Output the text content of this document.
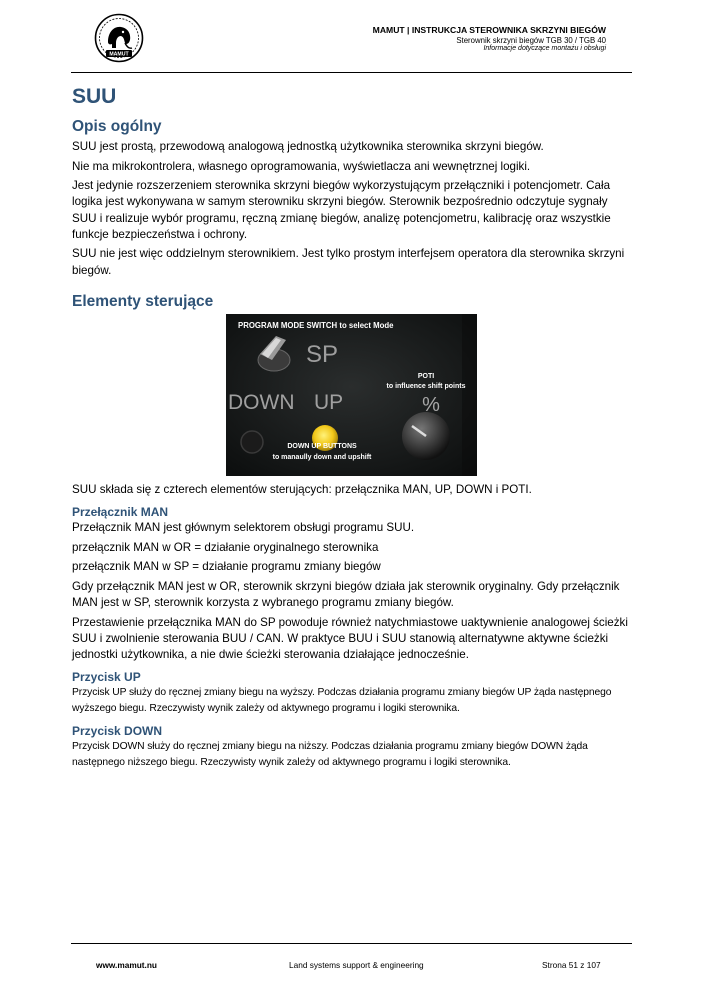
MAMUT
MAMUT | INSTRUKCJA STEROWNIKA SKRZYNI BIEGÓW
Sterownik skrzyni biegów TGB 30 / TGB 40
Informacje dotyczące montażu i obsługi
SUU
Opis ogólny

SUU jest prostą, przewodową analogową jednostką użytkownika sterownika skrzyni biegów.

Nie ma mikrokontrolera, własnego oprogramowania, wyświetlacza ani wewnętrznej logiki.

Jest jedynie rozszerzeniem sterownika skrzyni biegów wykorzystującym przełączniki i potencjometr. Cała logika jest wykonywana w samym sterowniku skrzyni biegów. Sterownik bezpośrednio odczytuje sygnały SUU i realizuje wybór programu, ręczną zmianę biegów, analizę potencjometru, kalibrację oraz wszystkie funkcje bezpieczeństwa i ochrony.

SUU nie jest więc oddzielnym sterownikiem. Jest tylko prostym interfejsem operatora dla sterownika skrzyni biegów.

Elementy sterujące
PROGRAM MODE SWITCH to select Mode
SP
DOWN UP
POTI
to influence shift points
%
DOWN UP BUTTONS
to manaully down and upshift

SUU składa się z czterech elementów sterujących: przełącznika MAN, UP, DOWN i POTI.

Przełącznik MAN

Przełącznik MAN jest głównym selektorem obsługi programu SUU.

przełącznik MAN w OR = działanie oryginalnego sterownika

przełącznik MAN w SP = działanie programu zmiany biegów

Gdy przełącznik MAN jest w OR, sterownik skrzyni biegów działa jak sterownik oryginalny. Gdy przełącznik MAN jest w SP, sterownik korzysta z wybranego programu zmiany biegów.

Przestawienie przełącznika MAN do SP powoduje również natychmiastowe uaktywnienie analogowej ścieżki SUU i zwolnienie sterowania BUU / CAN. W praktyce BUU i SUU stanowią alternatywne aktywne ścieżki jednostki użytkownika, a nie dwie ścieżki sterowania działające jednocześnie.

Przycisk UP

Przycisk UP służy do ręcznej zmiany biegu na wyższy. Podczas działania programu zmiany biegów UP żąda następnego wyższego biegu. Rzeczywisty wynik zależy od aktywnego programu i logiki sterownika.

Przycisk DOWN

Przycisk DOWN służy do ręcznej zmiany biegu na niższy. Podczas działania programu zmiany biegów DOWN żąda następnego niższego biegu. Rzeczywisty wynik zależy od aktywnego programu i logiki sterownika.

www.mamut.nu	Land systems support & engineering	Strona 51 z 107
